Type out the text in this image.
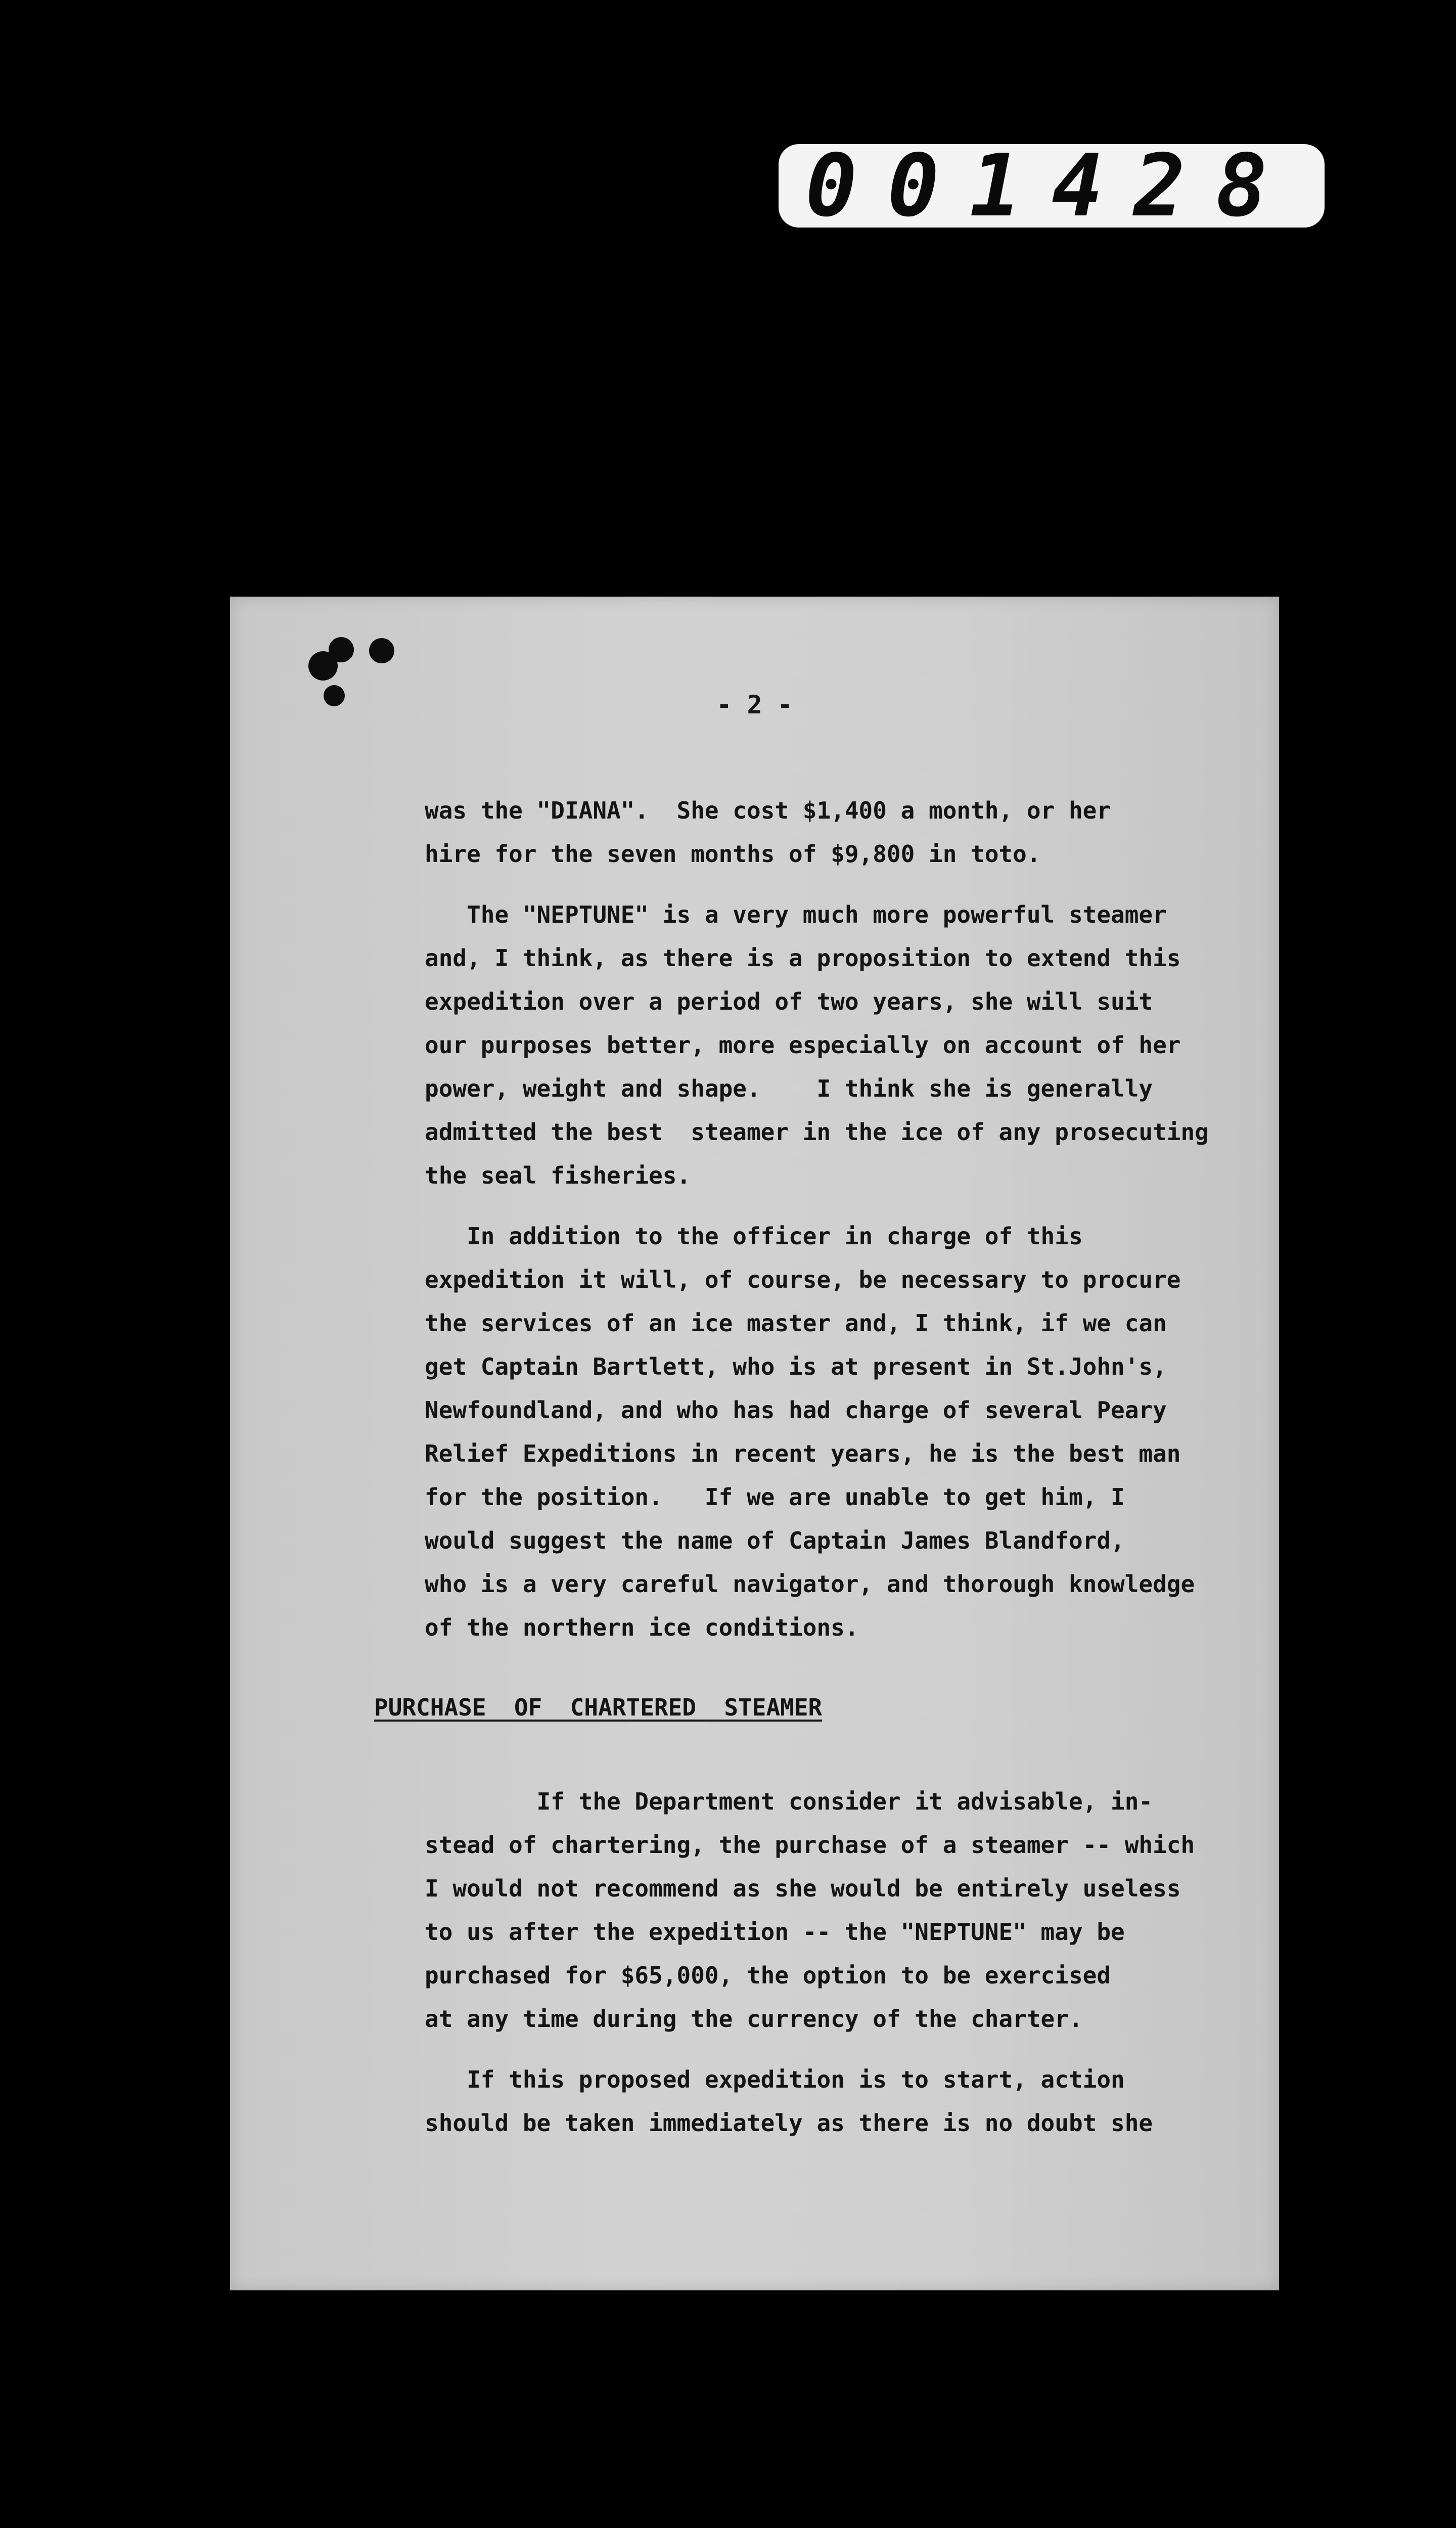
001428
- 2 -

was the "DIANA".  She cost $1,400 a month, or her
hire for the seven months of $9,800 in toto.

The "NEPTUNE" is a very much more powerful steamer
and, I think, as there is a proposition to extend this
expedition over a period of two years, she will suit
our purposes better, more especially on account of her
power, weight and shape.    I think she is generally
admitted the best  steamer in the ice of any prosecuting
the seal fisheries.

In addition to the officer in charge of this
expedition it will, of course, be necessary to procure
the services of an ice master and, I think, if we can
get Captain Bartlett, who is at present in St.John's,
Newfoundland, and who has had charge of several Peary
Relief Expeditions in recent years, he is the best man
for the position.   If we are unable to get him, I
would suggest the name of Captain James Blandford,
who is a very careful navigator, and thorough knowledge
of the northern ice conditions.

PURCHASE  OF  CHARTERED  STEAMER

If the Department consider it advisable, in-
stead of chartering, the purchase of a steamer -- which
I would not recommend as she would be entirely useless
to us after the expedition -- the "NEPTUNE" may be
purchased for $65,000, the option to be exercised
at any time during the currency of the charter.

If this proposed expedition is to start, action
should be taken immediately as there is no doubt she
